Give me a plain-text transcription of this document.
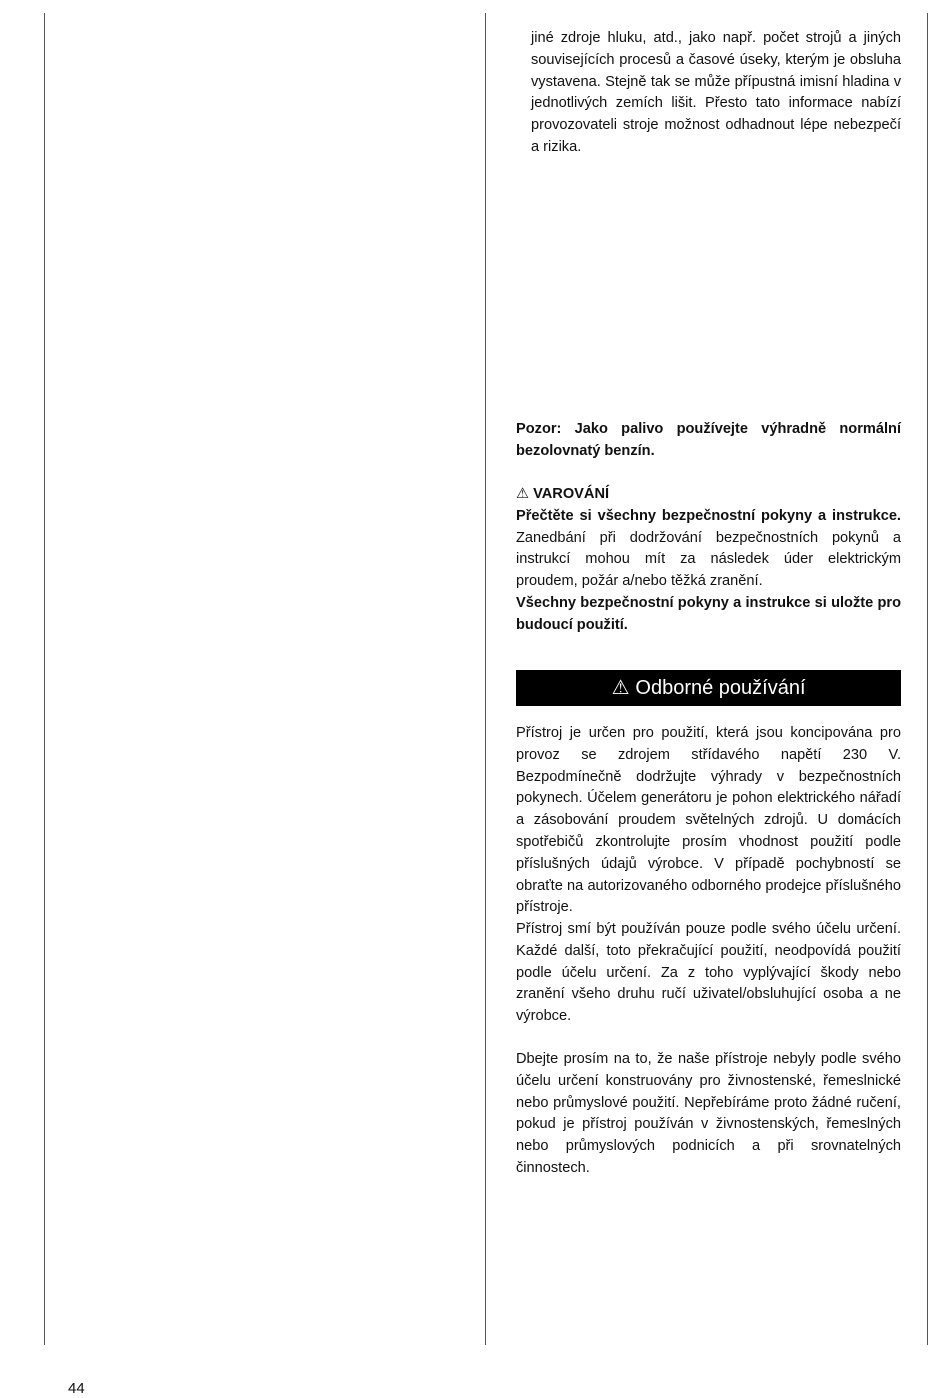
jiné zdroje hluku, atd., jako např. počet strojů a jiných souvisejících procesů a časové úseky, kterým je obsluha vystavena. Stejně tak se může přípustná imisní hladina v jednotlivých zemích lišit. Přesto tato informace nabízí provozovateli stroje možnost odhadnout lépe nebezpečí a rizika.

Pozor: Jako palivo používejte výhradně normální bezolovnatý benzín.

⚠ VAROVÁNÍ
Přečtěte si všechny bezpečnostní pokyny a instrukce. Zanedbání při dodržování bezpečnostních pokynů a instrukcí mohou mít za následek úder elektrickým proudem, požár a/nebo těžká zranění.
Všechny bezpečnostní pokyny a instrukce si uložte pro budoucí použití.
⚠ Odborné používání

Přístroj je určen pro použití, která jsou koncipována pro provoz se zdrojem střídavého napětí 230 V. Bezpodmínečně dodržujte výhrady v bezpečnostních pokynech. Účelem generátoru je pohon elektrického nářadí a zásobování proudem světelných zdrojů. U domácích spotřebičů zkontrolujte prosím vhodnost použití podle příslušných údajů výrobce. V případě pochybností se obraťte na autorizovaného odborného prodejce příslušného přístroje.

Přístroj smí být používán pouze podle svého účelu určení. Každé další, toto překračující použití, neodpovídá použití podle účelu určení. Za z toho vyplývající škody nebo zranění všeho druhu ručí uživatel/obsluhující osoba a ne výrobce.

Dbejte prosím na to, že naše přístroje nebyly podle svého účelu určení konstruovány pro živnostenské, řemeslnické nebo průmyslové použití. Nepřebíráme proto žádné ručení, pokud je přístroj používán v živnostenských, řemeslných nebo průmyslových podnicích a při srovnatelných činnostech.

44
